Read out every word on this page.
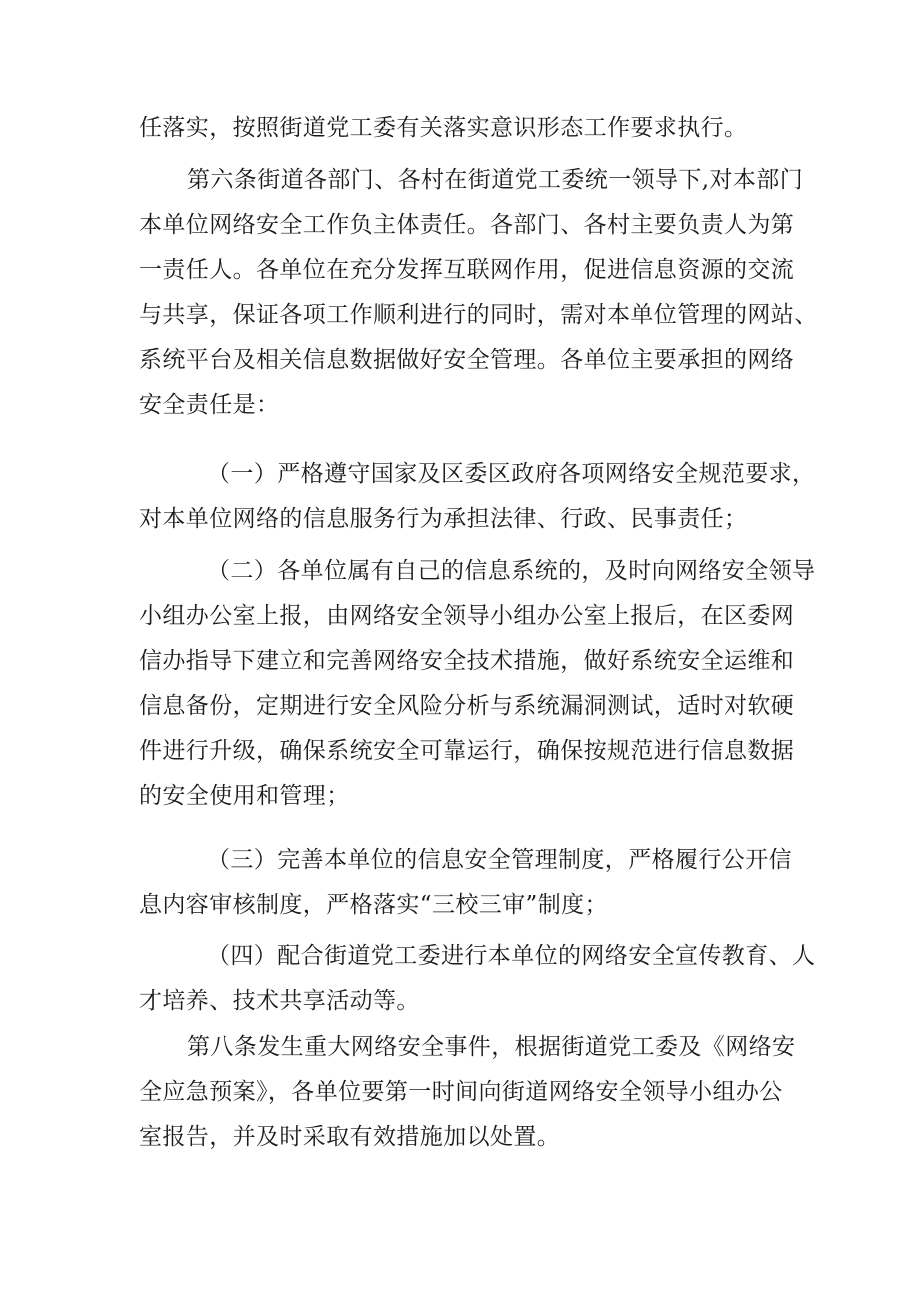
任落实，按照街道党工委有关落实意识形态工作要求执行。
第六条街道各部门、各村在街道党工委统一领导下,对本部门
本单位网络安全工作负主体责任。各部门、各村主要负责人为第
一责任人。各单位在充分发挥互联网作用，促进信息资源的交流
与共享，保证各项工作顺利进行的同时，需对本单位管理的网站、
系统平台及相关信息数据做好安全管理。各单位主要承担的网络
安全责任是：
（一）严格遵守国家及区委区政府各项网络安全规范要求，
对本单位网络的信息服务行为承担法律、行政、民事责任；
（二）各单位属有自己的信息系统的，及时向网络安全领导
小组办公室上报，由网络安全领导小组办公室上报后，在区委网
信办指导下建立和完善网络安全技术措施，做好系统安全运维和
信息备份，定期进行安全风险分析与系统漏洞测试，适时对软硬
件进行升级，确保系统安全可靠运行，确保按规范进行信息数据
的安全使用和管理；
（三）完善本单位的信息安全管理制度，严格履行公开信
息内容审核制度，严格落实“三校三审”制度；
（四）配合街道党工委进行本单位的网络安全宣传教育、人
才培养、技术共享活动等。
第八条发生重大网络安全事件，根据街道党工委及《网络安
全应急预案》，各单位要第一时间向街道网络安全领导小组办公
室报告，并及时采取有效措施加以处置。
